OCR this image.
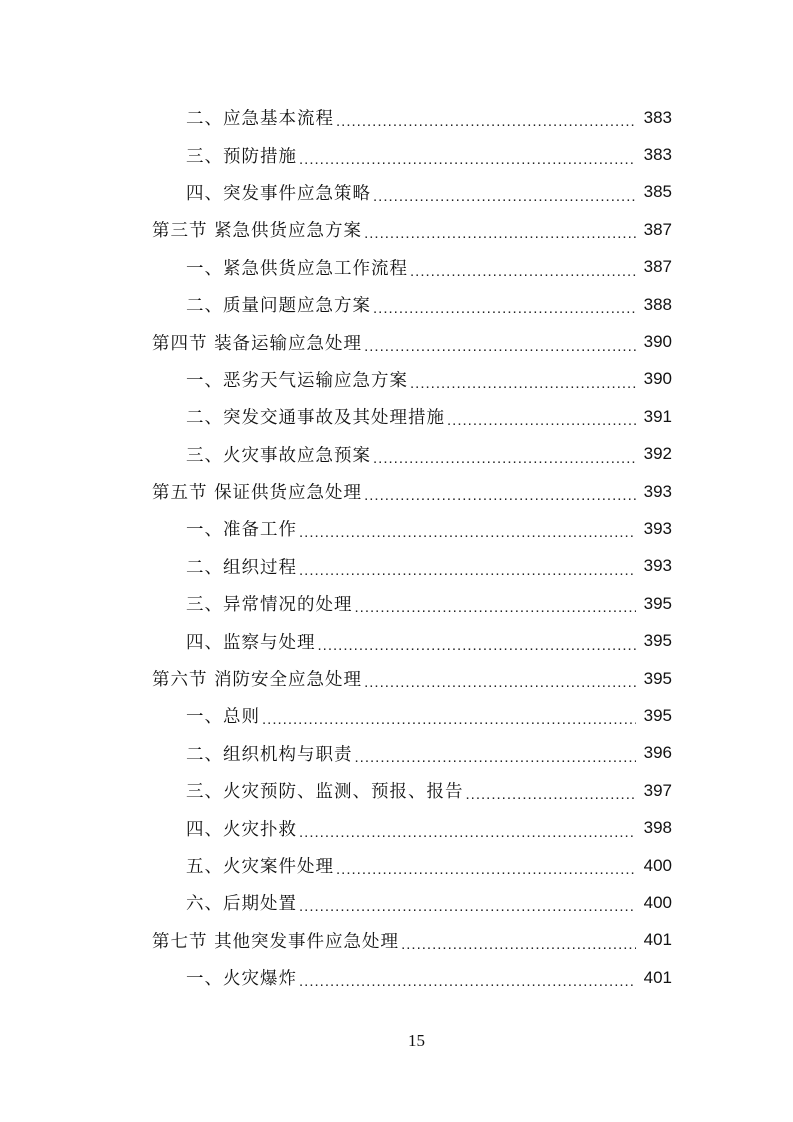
二、应急基本流程 .....	383
三、预防措施 .....	383
四、突发事件应急策略 .....	385
第三节 紧急供货应急方案 .....	387
一、紧急供货应急工作流程 .....	387
二、质量问题应急方案 .....	388
第四节 装备运输应急处理 .....	390
一、恶劣天气运输应急方案 .....	390
二、突发交通事故及其处理措施 .....	391
三、火灾事故应急预案 .....	392
第五节 保证供货应急处理 .....	393
一、准备工作 .....	393
二、组织过程 .....	393
三、异常情况的处理 .....	395
四、监察与处理 .....	395
第六节 消防安全应急处理 .....	395
一、总则 .....	395
二、组织机构与职责 .....	396
三、火灾预防、监测、预报、报告 .....	397
四、火灾扑救 .....	398
五、火灾案件处理 .....	400
六、后期处置 .....	400
第七节 其他突发事件应急处理 .....	401
一、火灾爆炸 .....	401
15
